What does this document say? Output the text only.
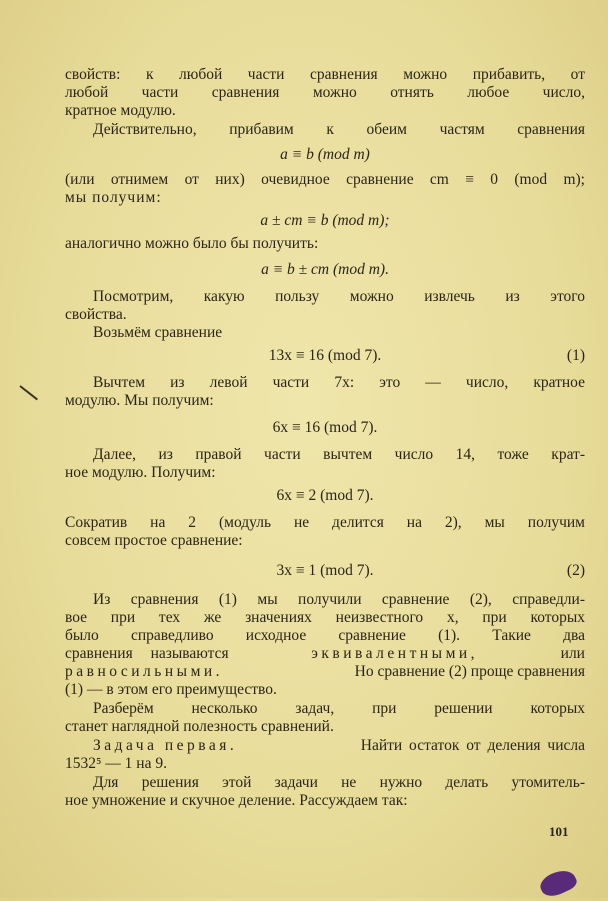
свойств: к любой части сравнения можно прибавить, от
любой части сравнения можно отнять любое число,
кратное модулю.
Действительно, прибавим к обеим частям сравнения
a ≡ b (mod m)
(или отнимем от них) очевидное сравнение cm ≡ 0 (mod m);
мы получим:
a ± cm ≡ b (mod m);
аналогично можно было бы получить:
a ≡ b ± cm (mod m).
Посмотрим, какую пользу можно извлечь из этого
свойства.
Возьмём сравнение
13x ≡ 16 (mod 7).	(1)
Вычтем из левой части 7x: это — число, кратное
модулю. Мы получим:
6x ≡ 16 (mod 7).
Далее, из правой части вычтем число 14, тоже крат-
ное модулю. Получим:
6x ≡ 2 (mod 7).
Сократив на 2 (модуль не делится на 2), мы получим
совсем простое сравнение:
3x ≡ 1 (mod 7).	(2)
Из сравнения (1) мы получили сравнение (2), справедли-
вое при тех же значениях неизвестного x, при которых
было справедливо исходное сравнение (1). Такие два
сравнения называются	эквивалентными,	или
равносильными.	Но сравнение (2) проще сравнения
(1) — в этом его преимущество.
Разберём несколько задач, при решении которых
станет наглядной полезность сравнений.
Задача первая.	Найти остаток от деления числа
1532⁵ — 1 на 9.
Для решения этой задачи не нужно делать утомитель-
ное умножение и скучное деление. Рассуждаем так:
101
